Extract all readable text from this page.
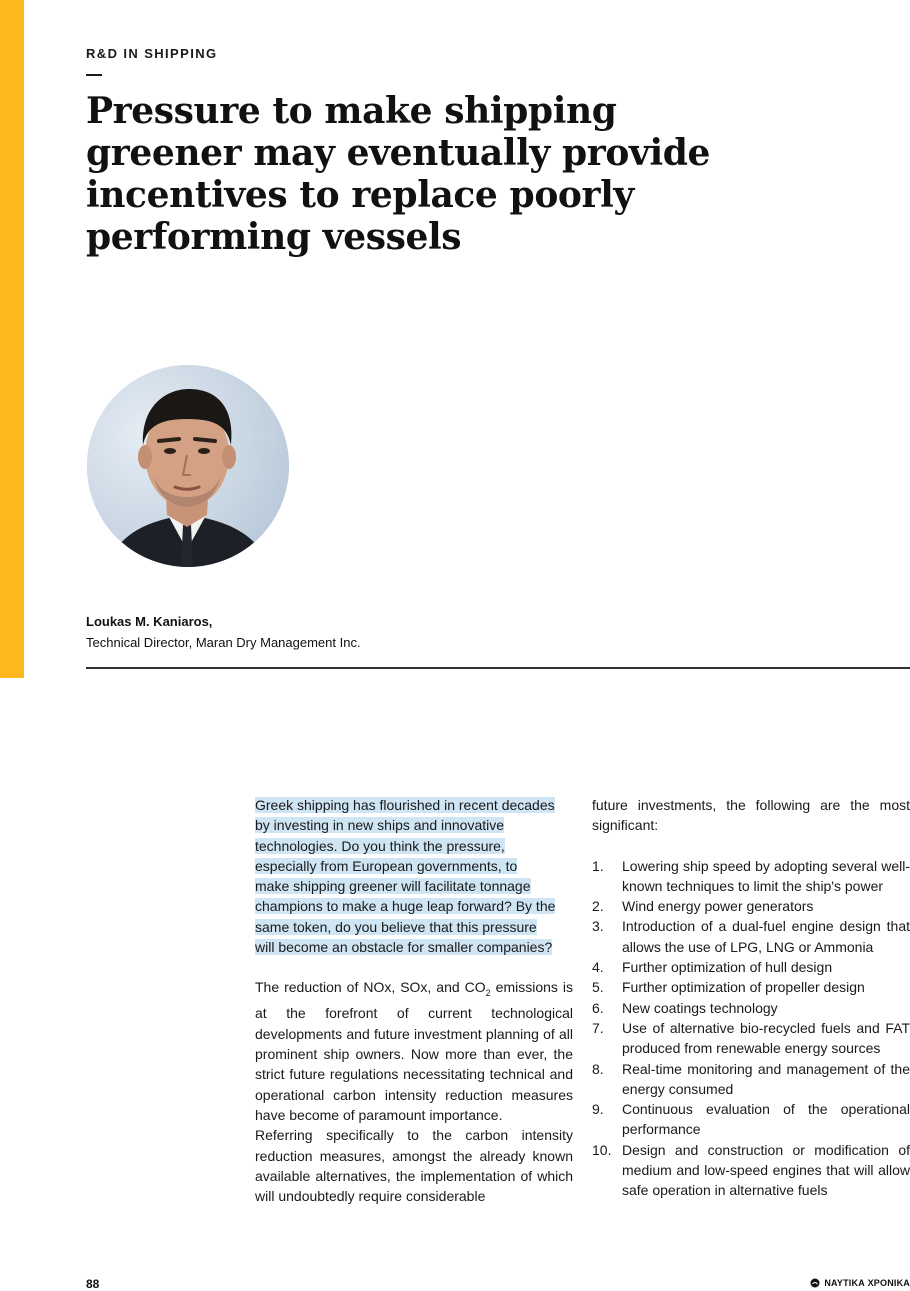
R&D IN SHIPPING
Pressure to make shipping greener may eventually provide incentives to replace poorly performing vessels
Loukas M. Kaniaros,
Technical Director, Maran Dry Management Inc.
Greek shipping has flourished in recent decades
by investing in new ships and innovative
technologies. Do you think the pressure,
especially from European governments, to
make shipping greener will facilitate tonnage
champions to make a huge leap forward? By the
same token, do you believe that this pressure
will become an obstacle for smaller companies?

The reduction of NOx, SOx, and $CO_2$ emissions is at the forefront of current technological developments and future investment planning of all prominent ship owners. Now more than ever, the strict future regulations necessitating technical and operational carbon intensity reduction measures have become of paramount importance.

Referring specifically to the carbon intensity reduction measures, amongst the already known available alternatives, the implementation of which will undoubtedly require considerable

future investments, the following are the most significant:

1. Lowering ship speed by adopting several well-known techniques to limit the ship's power
2. Wind energy power generators
3. Introduction of a dual-fuel engine design that allows the use of LPG, LNG or Ammonia
4. Further optimization of hull design
5. Further optimization of propeller design
6. New coatings technology
7. Use of alternative bio-recycled fuels and FAT produced from renewable energy sources
8. Real-time monitoring and management of the energy consumed
9. Continuous evaluation of the operational performance
10. Design and construction or modification of medium and low-speed engines that will allow safe operation in alternative fuels
88	ΝΑΥΤΙΚΑ ΧΡΟΝΙΚΑ
